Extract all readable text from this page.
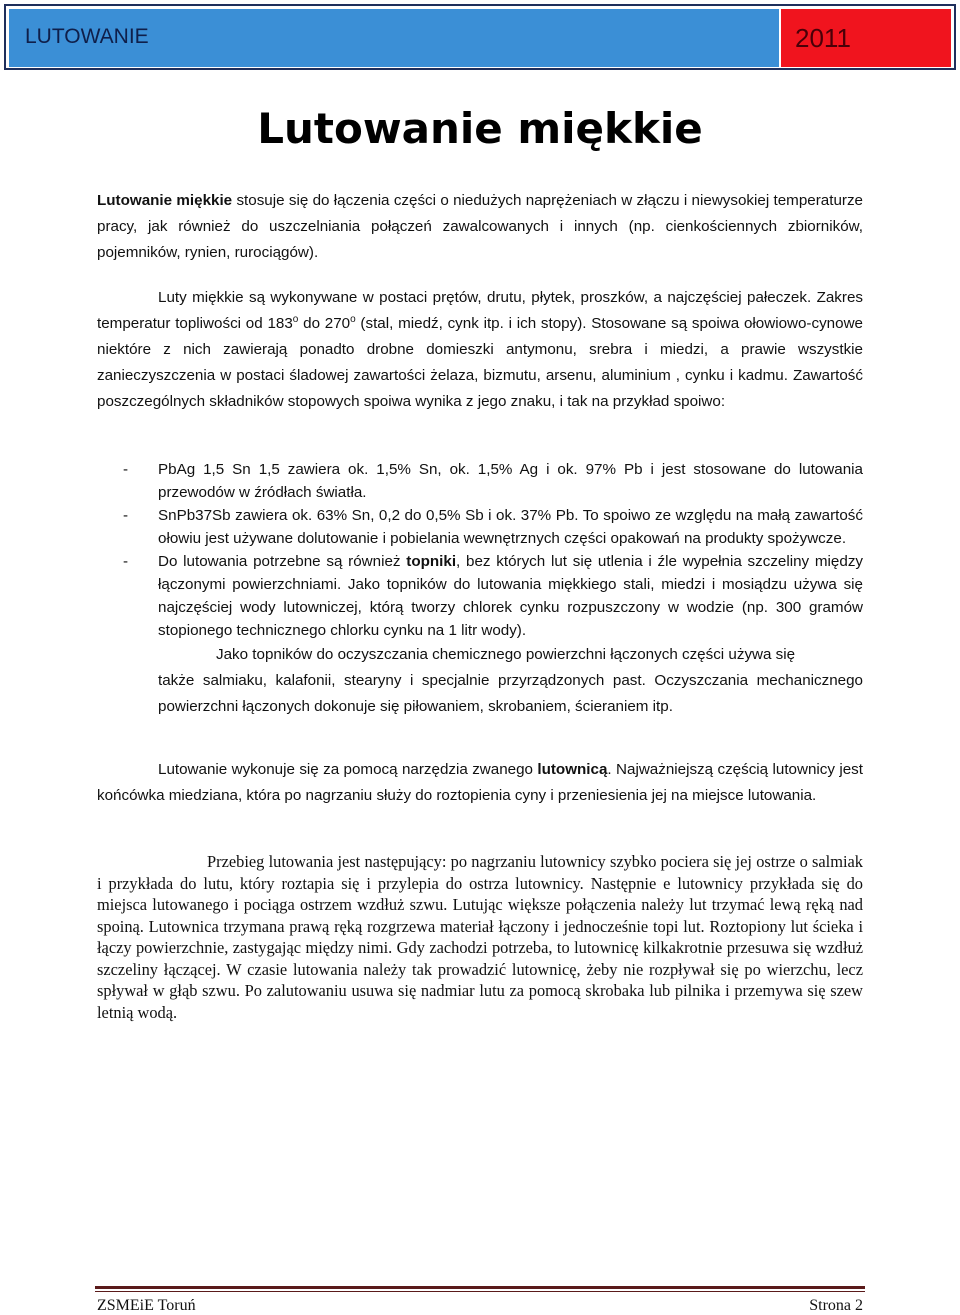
LUTOWANIE	2011
Lutowanie miękkie

Lutowanie miękkie stosuje się do łączenia części o niedużych naprężeniach w złączu i niewysokiej temperaturze pracy, jak również do uszczelniania połączeń zawalcowanych i innych (np. cienkościennych zbiorników, pojemników, rynien, rurociągów).

Luty miękkie są wykonywane w postaci prętów, drutu, płytek, proszków, a najczęściej pałeczek. Zakres temperatur topliwości od 183$^o$ do 270$^o$ (stal, miedź, cynk itp. i ich stopy). Stosowane są spoiwa ołowiowo-cynowe niektóre z nich zawierają ponadto drobne domieszki antymonu, srebra i miedzi, a prawie wszystkie zanieczyszczenia w postaci śladowej zawartości żelaza, bizmutu, arsenu, aluminium , cynku i kadmu. Zawartość poszczególnych składników stopowych spoiwa wynika z jego znaku, i tak na przykład spoiwo:

- PbAg 1,5 Sn 1,5 zawiera ok. 1,5% Sn, ok. 1,5% Ag i ok. 97% Pb i jest stosowane do lutowania przewodów w źródłach światła.
- SnPb37Sb zawiera ok. 63% Sn, 0,2 do 0,5% Sb i ok. 37% Pb. To spoiwo ze względu na małą zawartość ołowiu jest używane dolutowanie i pobielania wewnętrznych części opakowań na produkty spożywcze.
- Do lutowania potrzebne są również topniki, bez których lut się utlenia i źle wypełnia szczeliny między łączonymi powierzchniami. Jako topników do lutowania miękkiego stali, miedzi i mosiądzu używa się najczęściej wody lutowniczej, którą tworzy chlorek cynku rozpuszczony w wodzie (np. 300 gramów stopionego technicznego chlorku cynku na 1 litr wody).
Jako topników do oczyszczania chemicznego powierzchni łączonych części używa się
także salmiaku, kalafonii, stearyny i specjalnie przyrządzonych past. Oczyszczania mechanicznego powierzchni łączonych dokonuje się piłowaniem, skrobaniem, ścieraniem itp.

Lutowanie wykonuje się za pomocą narzędzia zwanego lutownicą. Najważniejszą częścią lutownicy jest końcówka miedziana, która po nagrzaniu służy do roztopienia cyny i przeniesienia jej na miejsce lutowania.

Przebieg lutowania jest następujący: po nagrzaniu lutownicy szybko pociera się jej ostrze o salmiak i przykłada do lutu, który roztapia się i przylepia do ostrza lutownicy. Następnie e lutownicy przykłada się do miejsca lutowanego i pociąga ostrzem wzdłuż szwu. Lutując większe połączenia należy lut trzymać lewą ręką nad spoiną. Lutownica trzymana prawą ręką rozgrzewa materiał łączony i jednocześnie topi lut. Roztopiony lut ścieka i łączy powierzchnie, zastygając między nimi. Gdy zachodzi potrzeba, to lutownicę kilkakrotnie przesuwa się wzdłuż szczeliny łączącej. W czasie lutowania należy tak prowadzić lutownicę, żeby nie rozpływał się po wierzchu, lecz spływał w głąb szwu. Po zalutowaniu usuwa się nadmiar lutu za pomocą skrobaka lub pilnika i przemywa się szew letnią wodą.

ZSMEiE Toruń	Strona 2
